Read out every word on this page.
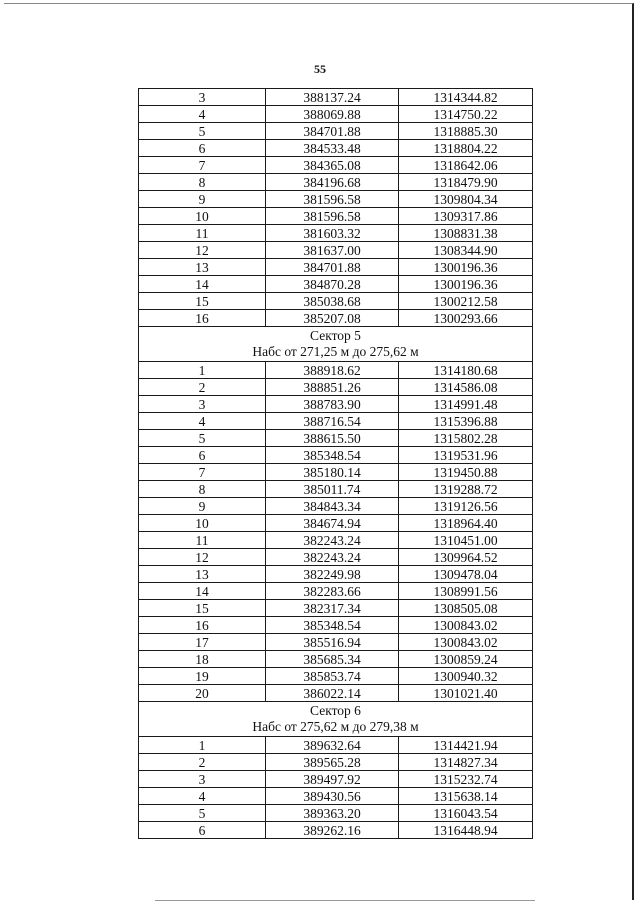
55
3	388137.24	1314344.82
4	388069.88	1314750.22
5	384701.88	1318885.30
6	384533.48	1318804.22
7	384365.08	1318642.06
8	384196.68	1318479.90
9	381596.58	1309804.34
10	381596.58	1309317.86
11	381603.32	1308831.38
12	381637.00	1308344.90
13	384701.88	1300196.36
14	384870.28	1300196.36
15	385038.68	1300212.58
16	385207.08	1300293.66

Сектор 5
Набс от 271,25 м до 275,62 м		

1	388918.62	1314180.68
2	388851.26	1314586.08
3	388783.90	1314991.48
4	388716.54	1315396.88
5	388615.50	1315802.28
6	385348.54	1319531.96
7	385180.14	1319450.88
8	385011.74	1319288.72
9	384843.34	1319126.56
10	384674.94	1318964.40
11	382243.24	1310451.00
12	382243.24	1309964.52
13	382249.98	1309478.04
14	382283.66	1308991.56
15	382317.34	1308505.08
16	385348.54	1300843.02
17	385516.94	1300843.02
18	385685.34	1300859.24
19	385853.74	1300940.32
20	386022.14	1301021.40

Сектор 6
Набс от 275,62 м до 279,38 м		

1	389632.64	1314421.94
2	389565.28	1314827.34
3	389497.92	1315232.74
4	389430.56	1315638.14
5	389363.20	1316043.54
6	389262.16	1316448.94
